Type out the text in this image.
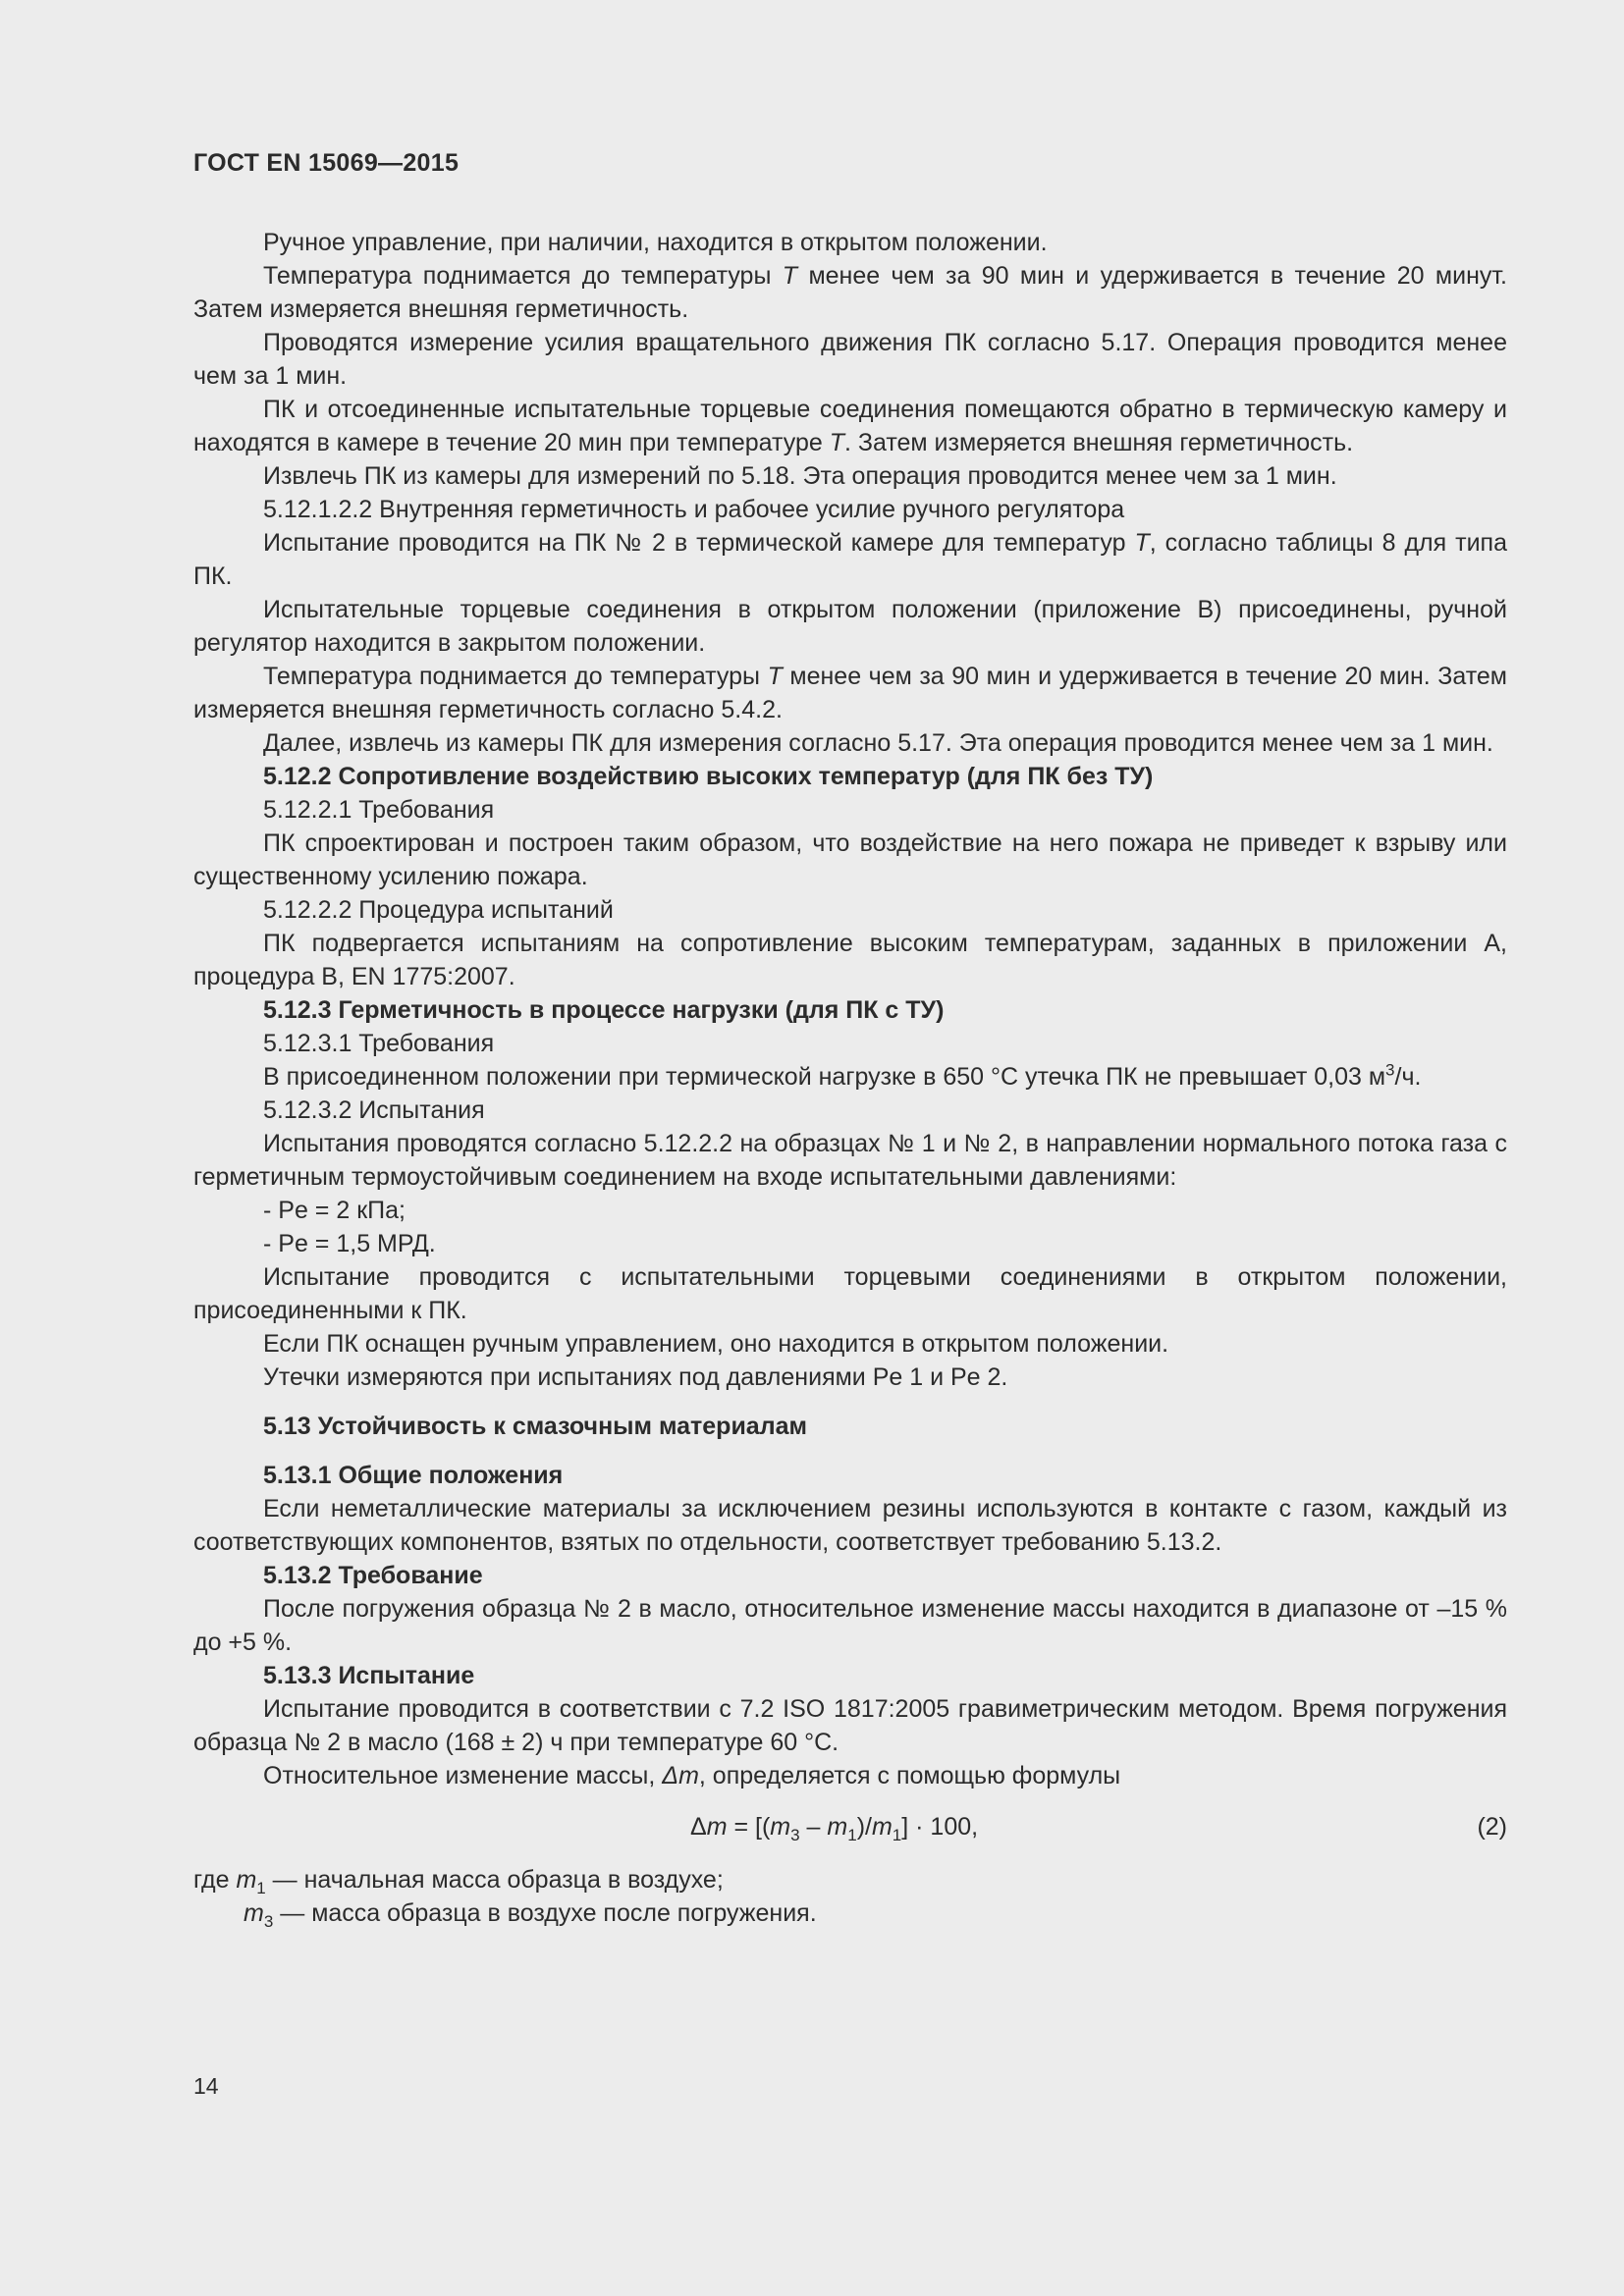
ГОСТ EN 15069—2015

Ручное управление, при наличии, находится в открытом положении.

Температура поднимается до температуры T менее чем за 90 мин и удерживается в течение 20 минут. Затем измеряется внешняя герметичность.

Проводятся измерение усилия вращательного движения ПК согласно 5.17. Операция проводится менее чем за 1 мин.

ПК и отсоединенные испытательные торцевые соединения помещаются обратно в термическую камеру и находятся в камере в течение 20 мин при температуре T. Затем измеряется внешняя герметичность.

Извлечь ПК из камеры для измерений по 5.18. Эта операция проводится менее чем за 1 мин.

5.12.1.2.2 Внутренняя герметичность и рабочее усилие ручного регулятора

Испытание проводится на ПК № 2 в термической камере для температур T, согласно таблицы 8 для типа ПК.

Испытательные торцевые соединения в открытом положении (приложение В) присоединены, ручной регулятор находится в закрытом положении.

Температура поднимается до температуры T менее чем за 90 мин и удерживается в течение 20 мин. Затем измеряется внешняя герметичность согласно 5.4.2.

Далее, извлечь из камеры ПК для измерения согласно 5.17. Эта операция проводится менее чем за 1 мин.

5.12.2 Сопротивление воздействию высоких температур (для ПК без ТУ)

5.12.2.1 Требования

ПК спроектирован и построен таким образом, что воздействие на него пожара не приведет к взрыву или существенному усилению пожара.

5.12.2.2 Процедура испытаний

ПК подвергается испытаниям на сопротивление высоким температурам, заданных в приложении А, процедура В, EN 1775:2007.

5.12.3 Герметичность в процессе нагрузки (для ПК с ТУ)

5.12.3.1 Требования

В присоединенном положении при термической нагрузке в 650 °С утечка ПК не превышает 0,03 $м^3/ч$.

5.12.3.2 Испытания

Испытания проводятся согласно 5.12.2.2 на образцах № 1 и № 2, в направлении нормального потока газа с герметичным термоустойчивым соединением на входе испытательными давлениями:

- Pe = 2 кПа;

- Pe = 1,5 МРД.

Испытание проводится с испытательными торцевыми соединениями в открытом положении, присоединенными к ПК.

Если ПК оснащен ручным управлением, оно находится в открытом положении.

Утечки измеряются при испытаниях под давлениями Pe 1 и Pe 2.

5.13 Устойчивость к смазочным материалам

5.13.1 Общие положения

Если неметаллические материалы за исключением резины используются в контакте с газом, каждый из соответствующих компонентов, взятых по отдельности, соответствует требованию 5.13.2.

5.13.2 Требование

После погружения образца № 2 в масло, относительное изменение массы находится в диапазоне от –15 % до +5 %.

5.13.3 Испытание

Испытание проводится в соответствии с 7.2 ISO 1817:2005 гравиметрическим методом. Время погружения образца № 2 в масло (168 ± 2) ч при температуре 60 °С.

Относительное изменение массы, Δm, определяется с помощью формулы

$\Delta m = [(m_3 - m_1)/m_1] \cdot 100$,	(2)

где $m_1$ — начальная масса образца в воздухе;

$m_3$ — масса образца в воздухе после погружения.

14
